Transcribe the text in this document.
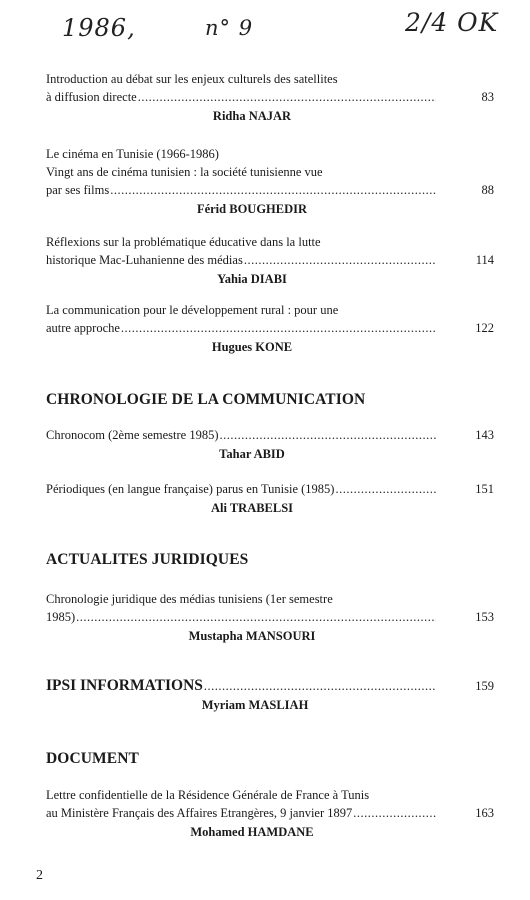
1986,	n° 9	2/4 OK
Introduction au débat sur les enjeux culturels des satellites
à diffusion directe .....	83
Ridha NAJAR
Le cinéma en Tunisie (1966-1986)
Vingt ans de cinéma tunisien : la société tunisienne vue
par ses films .....	88
Férid BOUGHEDIR
Réflexions sur la problématique éducative dans la lutte
historique Mac-Luhanienne des médias .....	114
Yahia DIABI
La communication pour le développement rural : pour une
autre approche .....	122
Hugues KONE
CHRONOLOGIE DE LA COMMUNICATION
Chronocom (2ème semestre 1985) .....	143
Tahar ABID
Périodiques (en langue française) parus en Tunisie (1985) .....	151
Ali TRABELSI
ACTUALITES JURIDIQUES
Chronologie juridique des médias tunisiens (1er semestre
1985) .....	153
Mustapha MANSOURI
IPSI INFORMATIONS .....	159
Myriam MASLIAH
DOCUMENT
Lettre confidentielle de la Résidence Générale de France à Tunis
au Ministère Français des Affaires Etrangères, 9 janvier 1897 .....	163
Mohamed HAMDANE
2
